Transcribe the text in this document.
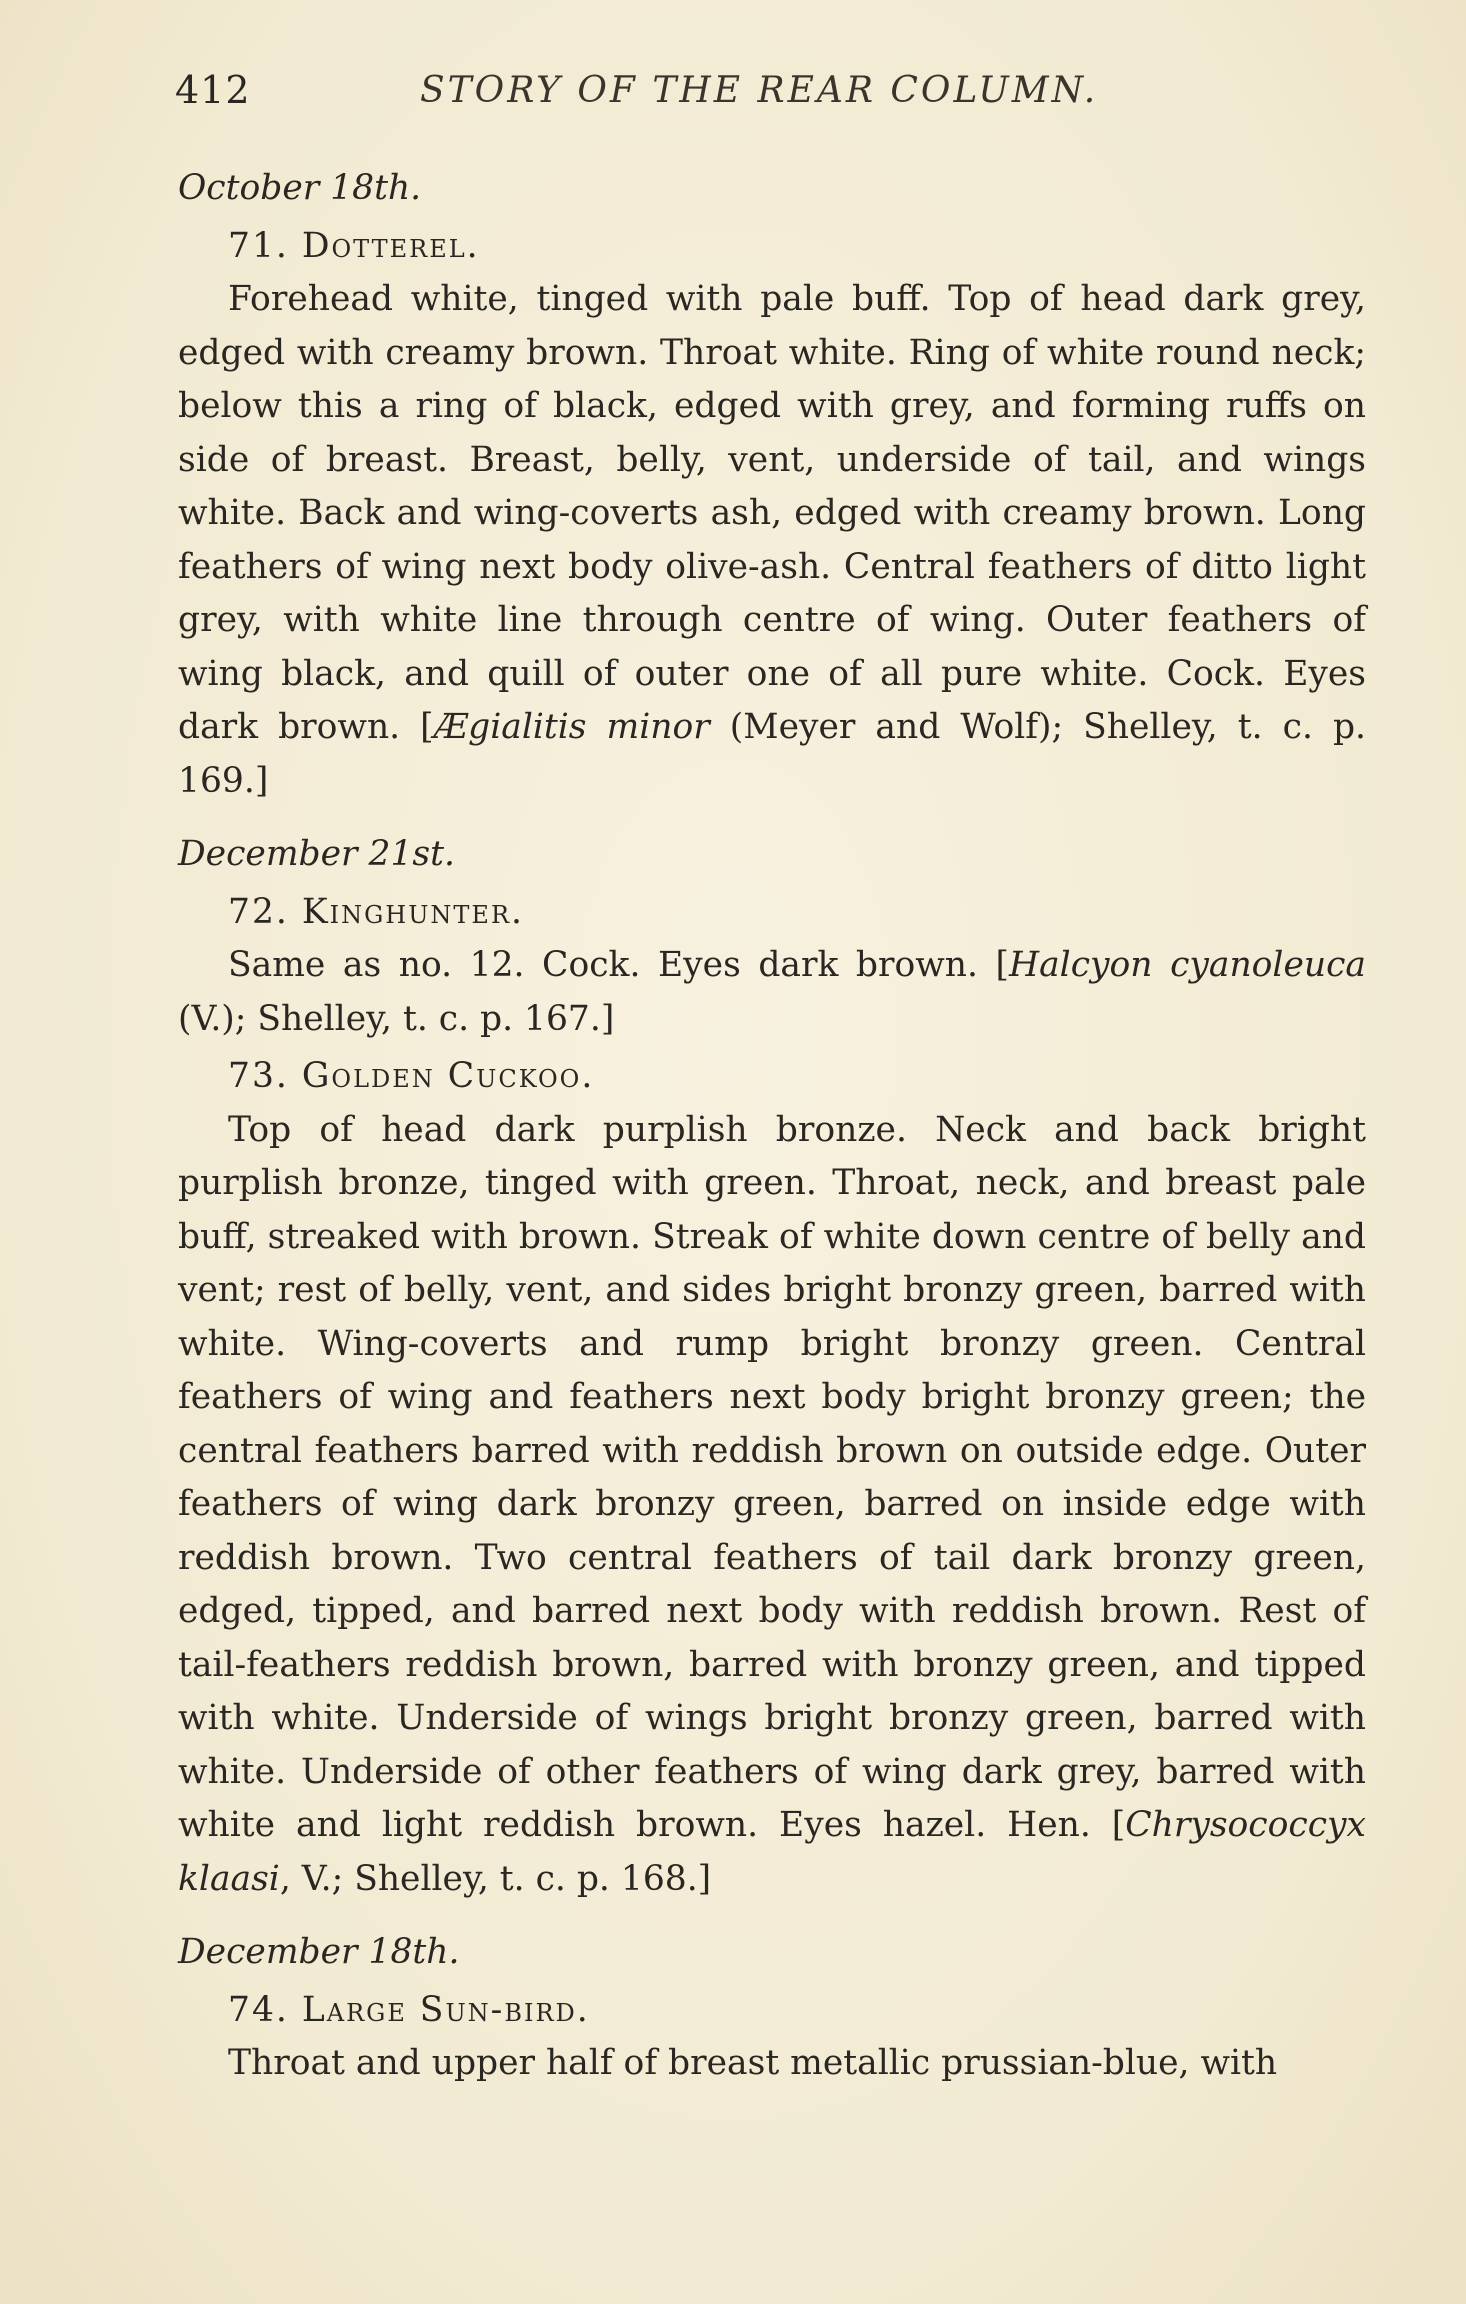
412	STORY OF THE REAR COLUMN.
October 18th.
71. Dotterel.

Forehead white, tinged with pale buff. Top of head dark grey, edged with creamy brown. Throat white. Ring of white round neck; below this a ring of black, edged with grey, and forming ruffs on side of breast. Breast, belly, vent, underside of tail, and wings white. Back and wing-coverts ash, edged with creamy brown. Long feathers of wing next body olive-ash. Central feathers of ditto light grey, with white line through centre of wing. Outer feathers of wing black, and quill of outer one of all pure white. Cock. Eyes dark brown. [Ægialitis minor (Meyer and Wolf); Shelley, t. c. p. 169.]

December 21st.
72. Kinghunter.

Same as no. 12. Cock. Eyes dark brown. [Halcyon cyanoleuca (V.); Shelley, t. c. p. 167.]

73. Golden Cuckoo.

Top of head dark purplish bronze. Neck and back bright purplish bronze, tinged with green. Throat, neck, and breast pale buff, streaked with brown. Streak of white down centre of belly and vent; rest of belly, vent, and sides bright bronzy green, barred with white. Wing-coverts and rump bright bronzy green. Central feathers of wing and feathers next body bright bronzy green; the central feathers barred with reddish brown on outside edge. Outer feathers of wing dark bronzy green, barred on inside edge with reddish brown. Two central feathers of tail dark bronzy green, edged, tipped, and barred next body with reddish brown. Rest of tail-feathers reddish brown, barred with bronzy green, and tipped with white. Underside of wings bright bronzy green, barred with white. Underside of other feathers of wing dark grey, barred with white and light reddish brown. Eyes hazel. Hen. [Chrysococcyx klaasi, V.; Shelley, t. c. p. 168.]

December 18th.
74. Large Sun-bird.

Throat and upper half of breast metallic prussian-blue, with
